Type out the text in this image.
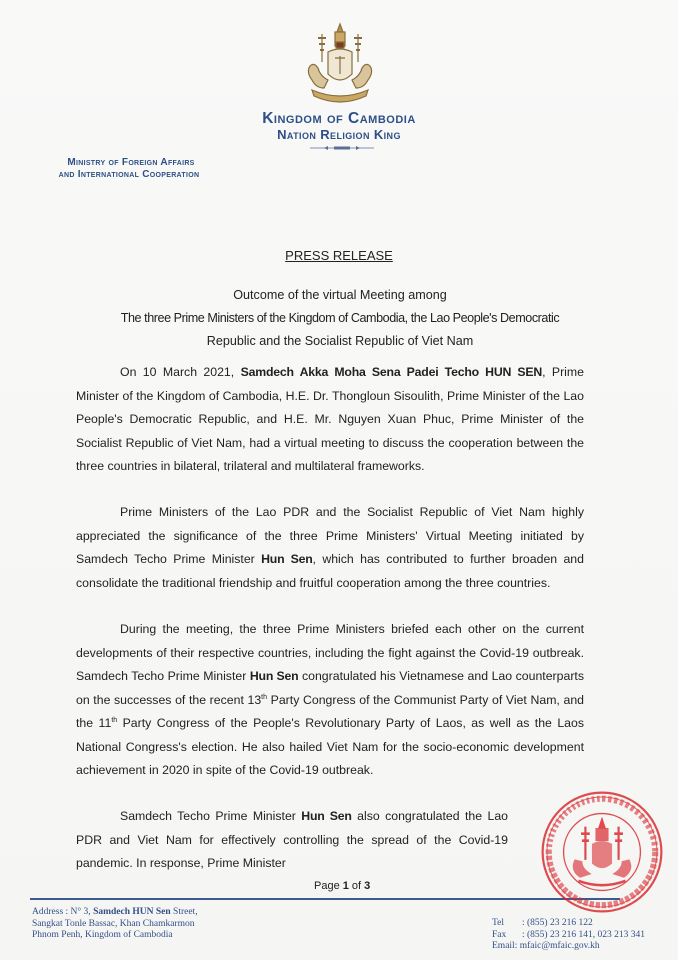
Kingdom of Cambodia
Nation Religion King
Ministry of Foreign Affairs
and International Cooperation
PRESS RELEASE
Outcome of the virtual Meeting among
The three Prime Ministers of the Kingdom of Cambodia, the Lao People's Democratic
Republic and the Socialist Republic of Viet Nam

On 10 March 2021, Samdech Akka Moha Sena Padei Techo HUN SEN, Prime Minister of the Kingdom of Cambodia, H.E. Dr. Thongloun Sisoulith, Prime Minister of the Lao People's Democratic Republic, and H.E. Mr. Nguyen Xuan Phuc, Prime Minister of the Socialist Republic of Viet Nam, had a virtual meeting to discuss the cooperation between the three countries in bilateral, trilateral and multilateral frameworks.

Prime Ministers of the Lao PDR and the Socialist Republic of Viet Nam highly appreciated the significance of the three Prime Ministers' Virtual Meeting initiated by Samdech Techo Prime Minister Hun Sen, which has contributed to further broaden and consolidate the traditional friendship and fruitful cooperation among the three countries.

During the meeting, the three Prime Ministers briefed each other on the current developments of their respective countries, including the fight against the Covid-19 outbreak. Samdech Techo Prime Minister Hun Sen congratulated his Vietnamese and Lao counterparts on the successes of the recent 13th Party Congress of the Communist Party of Viet Nam, and the 11th Party Congress of the People's Revolutionary Party of Laos, as well as the Laos National Congress's election. He also hailed Viet Nam for the socio-economic development achievement in 2020 in spite of the Covid-19 outbreak.

Samdech Techo Prime Minister Hun Sen also congratulated the Lao PDR and Viet Nam for effectively controlling the spread of the Covid-19 pandemic. In response, Prime Minister

Page 1 of 3
Address : N° 3, Samdech HUN Sen Street,
Sangkat Tonle Bassac, Khan Chamkarmon
Phnom Penh, Kingdom of Cambodia
Tel : (855) 23 216 122
Fax : (855) 23 216 141, 023 213 341
Email: mfaic@mfaic.gov.kh
